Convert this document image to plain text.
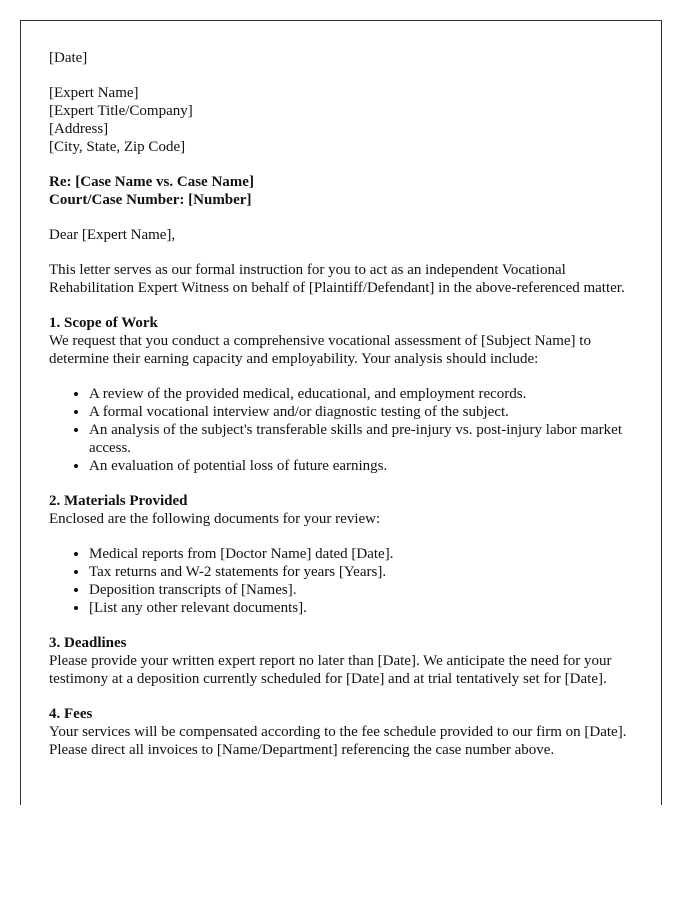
[Date]

[Expert Name]
[Expert Title/Company]
[Address]
[City, State, Zip Code]

Re: [Case Name vs. Case Name]
Court/Case Number: [Number]

Dear [Expert Name],

This letter serves as our formal instruction for you to act as an independent Vocational Rehabilitation Expert Witness on behalf of [Plaintiff/Defendant] in the above-referenced matter.

1. Scope of Work
We request that you conduct a comprehensive vocational assessment of [Subject Name] to determine their earning capacity and employability. Your analysis should include:

• A review of the provided medical, educational, and employment records.
• A formal vocational interview and/or diagnostic testing of the subject.
• An analysis of the subject's transferable skills and pre-injury vs. post-injury labor market access.
• An evaluation of potential loss of future earnings.

2. Materials Provided
Enclosed are the following documents for your review:

• Medical reports from [Doctor Name] dated [Date].
• Tax returns and W-2 statements for years [Years].
• Deposition transcripts of [Names].
• [List any other relevant documents].

3. Deadlines
Please provide your written expert report no later than [Date]. We anticipate the need for your testimony at a deposition currently scheduled for [Date] and at trial tentatively set for [Date].

4. Fees
Your services will be compensated according to the fee schedule provided to our firm on [Date]. Please direct all invoices to [Name/Department] referencing the case number above.
